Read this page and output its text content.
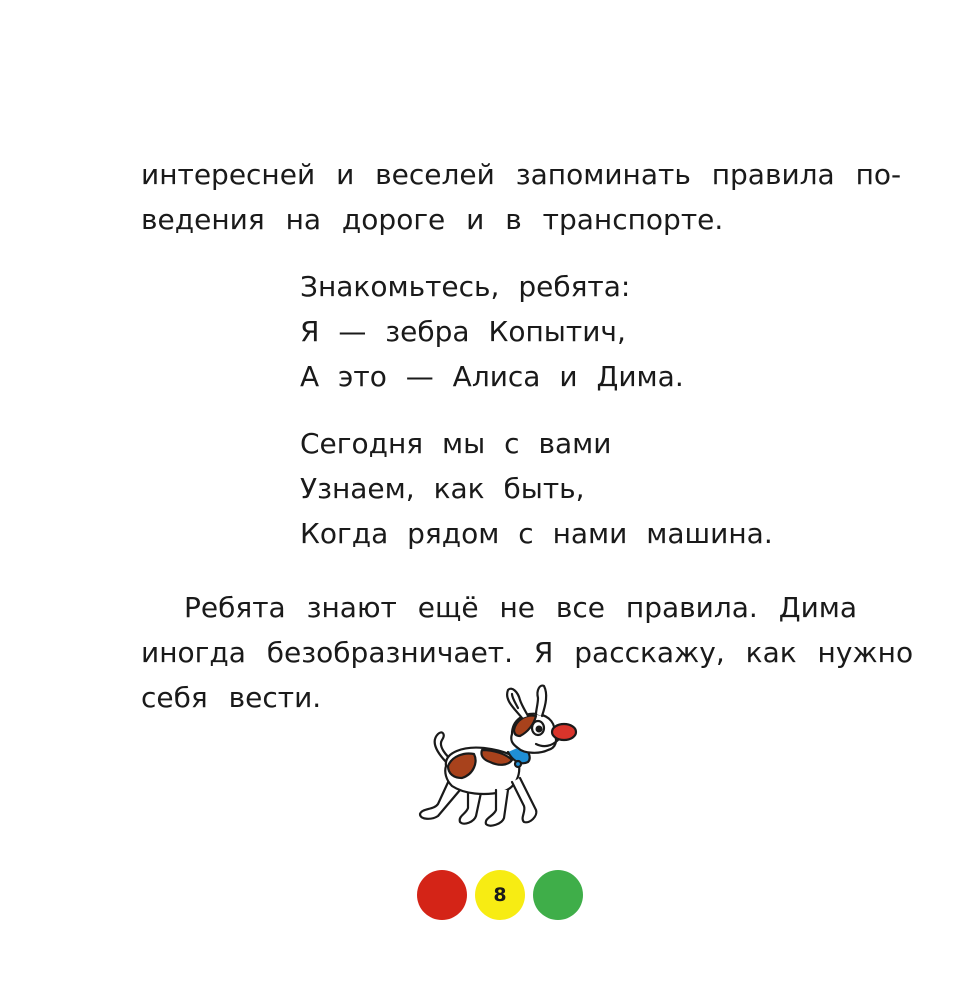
интересней и веселей запоминать правила по-
ведения на дороге и в транспорте.
Знакомьтесь, ребята:
Я — зебра Копытич,
А это — Алиса и Дима.
Сегодня мы с вами
Узнаем, как быть,
Когда рядом с нами машина.
Ребята знают ещё не все правила. Дима
иногда безобразничает. Я расскажу, как нужно
себя вести.
8
